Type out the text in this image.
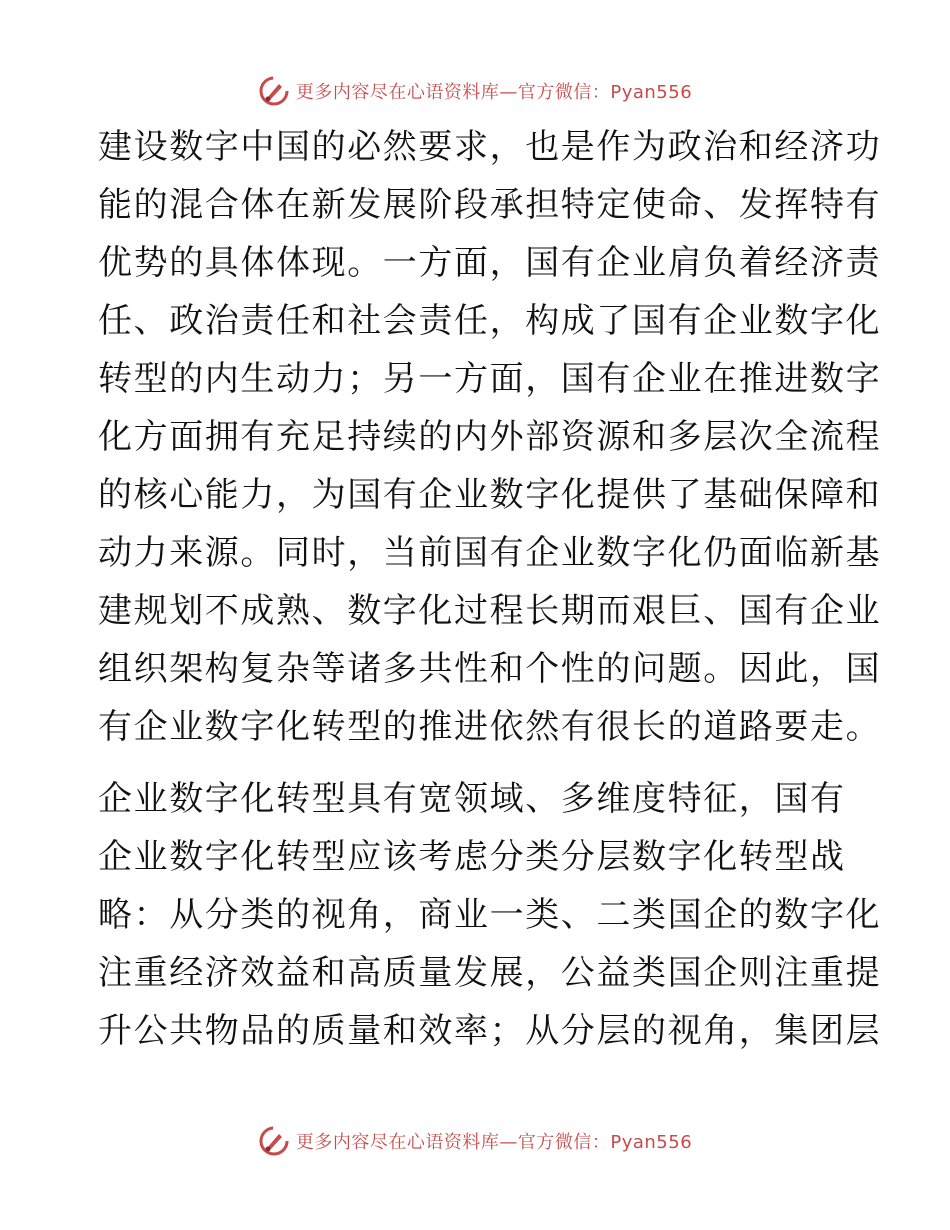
更多内容尽在心语资料库—官方微信：Pyan556
建设数字中国的必然要求，也是作为政治和经济功
能的混合体在新发展阶段承担特定使命、发挥特有
优势的具体体现。一方面，国有企业肩负着经济责
任、政治责任和社会责任，构成了国有企业数字化
转型的内生动力；另一方面，国有企业在推进数字
化方面拥有充足持续的内外部资源和多层次全流程
的核心能力，为国有企业数字化提供了基础保障和
动力来源。同时，当前国有企业数字化仍面临新基
建规划不成熟、数字化过程长期而艰巨、国有企业
组织架构复杂等诸多共性和个性的问题。因此，国
有企业数字化转型的推进依然有很长的道路要走。
企业数字化转型具有宽领域、多维度特征，国有
企业数字化转型应该考虑分类分层数字化转型战
略：从分类的视角，商业一类、二类国企的数字化
注重经济效益和高质量发展，公益类国企则注重提
升公共物品的质量和效率；从分层的视角，集团层
更多内容尽在心语资料库—官方微信：Pyan556
